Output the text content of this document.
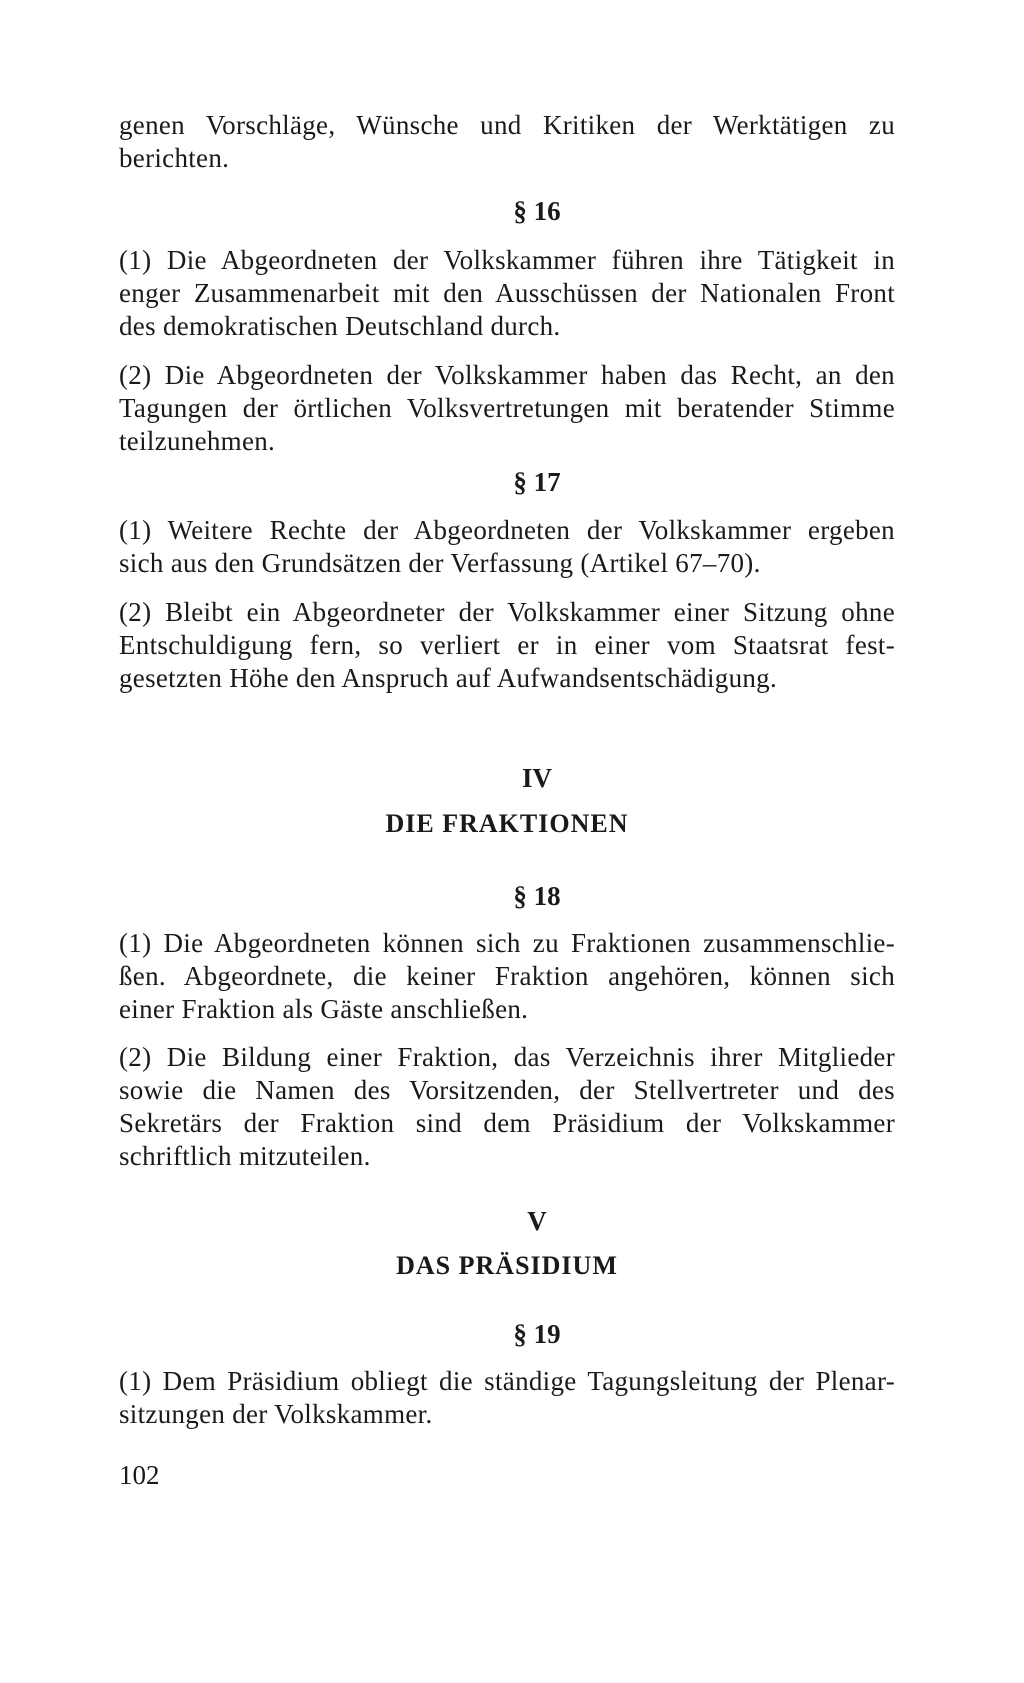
genen Vorschläge, Wünsche und Kritiken der Werktätigen zu
berichten.
§ 16
(1) Die Abgeordneten der Volkskammer führen ihre Tätigkeit in
enger Zusammenarbeit mit den Ausschüssen der Nationalen Front
des demokratischen Deutschland durch.
(2) Die Abgeordneten der Volkskammer haben das Recht, an den
Tagungen der örtlichen Volksvertretungen mit beratender Stimme
teilzunehmen.
§ 17
(1) Weitere Rechte der Abgeordneten der Volkskammer ergeben
sich aus den Grundsätzen der Verfassung (Artikel 67–70).
(2) Bleibt ein Abgeordneter der Volkskammer einer Sitzung ohne
Entschuldigung fern, so verliert er in einer vom Staatsrat fest-
gesetzten Höhe den Anspruch auf Aufwandsentschädigung.
IV
DIE FRAKTIONEN
§ 18
(1) Die Abgeordneten können sich zu Fraktionen zusammenschlie-
ßen. Abgeordnete, die keiner Fraktion angehören, können sich
einer Fraktion als Gäste anschließen.
(2) Die Bildung einer Fraktion, das Verzeichnis ihrer Mitglieder
sowie die Namen des Vorsitzenden, der Stellvertreter und des
Sekretärs der Fraktion sind dem Präsidium der Volkskammer
schriftlich mitzuteilen.
V
DAS PRÄSIDIUM
§ 19
(1) Dem Präsidium obliegt die ständige Tagungsleitung der Plenar-
sitzungen der Volkskammer.
102
